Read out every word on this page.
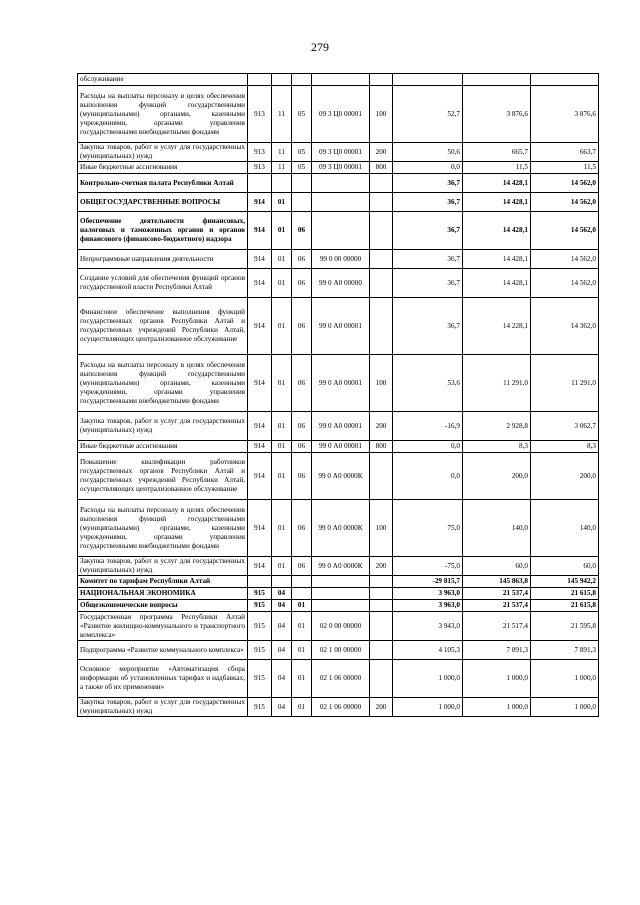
279
обслуживание								
Расходы на выплаты персоналу в целях обеспечения выполнения функций государственными (муниципальными) органами, казенными учреждениями, органами управления государственными внебюджетными фондами	913	11	05	09 3 Ц0 00001	100	52,7	3 876,6	3 876,6
Закупка товаров, работ и услуг для государственных (муниципальных) нужд	913	11	05	09 3 Ц0 00001	200	50,6	665,7	663,7
Иные бюджетные ассигнования	913	11	05	09 3 Ц0 00001	800	0,0	11,5	11,5
Контрольно-счетная палата Республики Алтай						36,7	14 428,1	14 562,0
ОБЩЕГОСУДАРСТВЕННЫЕ ВОПРОСЫ	914	01				36,7	14 428,1	14 562,0
Обеспечение деятельности финансовых, налоговых и таможенных органов и органов финансового (финансово-бюджетного) надзора	914	01	06			36,7	14 428,1	14 562,0
Непрограммные направления деятельности	914	01	06	99 0 00 00000		36,7	14 428,1	14 562,0
Создание условий для обеспечения функций органов государственной власти Республики Алтай	914	01	06	99 0 А0 00000		36,7	14 428,1	14 562,0
Финансовое обеспечение выполнения функций государственных органов Республики Алтай и государственных учреждений Республики Алтай, осуществляющих централизованное обслуживание	914	01	06	99 0 А0 00001		36,7	14 228,1	14 362,0
Расходы на выплаты персоналу в целях обеспечения выполнения функций государственными (муниципальными) органами, казенными учреждениями, органами управления государственными внебюджетными фондами	914	01	06	99 0 А0 00001	100	53,6	11 291,0	11 291,0
Закупка товаров, работ и услуг для государственных (муниципальных) нужд	914	01	06	99 0 А0 00001	200	-16,9	2 928,8	3 062,7
Иные бюджетные ассигнования	914	01	06	99 0 А0 00001	800	0,0	8,3	8,3
Повышение квалификации работников государственных органов Республики Алтай и государственных учреждений Республики Алтай, осуществляющих централизованное обслуживание	914	01	06	99 0 А0 0000К		0,0	200,0	200,0
Расходы на выплаты персоналу в целях обеспечения выполнения функций государственными (муниципальными) органами, казенными учреждениями, органами управления государственными внебюджетными фондами	914	01	06	99 0 А0 0000К	100	75,0	140,0	140,0
Закупка товаров, работ и услуг для государственных (муниципальных) нужд	914	01	06	99 0 А0 0000К	200	-75,0	60,0	60,0
Комитет по тарифам Республики Алтай						-29 815,7	145 863,8	145 942,2
НАЦИОНАЛЬНАЯ ЭКОНОМИКА	915	04				3 963,0	21 537,4	21 615,8
Общеэкономические вопросы	915	04	01			3 963,0	21 537,4	21 615,8
Государственная программа Республики Алтай «Развитие жилищно-коммунального и транспортного комплекса»	915	04	01	02 0 00 00000		3 943,0	21 517,4	21 595,8
Подпрограмма «Развитие коммунального комплекса»	915	04	01	02 1 00 00000		4 105,3	7 891,3	7 891,3
Основное мероприятие «Автоматизация сбора информации об установленных тарифах и надбавках, а также об их применении»	915	04	01	02 1 06 00000		1 000,0	1 000,0	1 000,0
Закупка товаров, работ и услуг для государственных (муниципальных) нужд	915	04	01	02 1 06 00000	200	1 000,0	1 000,0	1 000,0
